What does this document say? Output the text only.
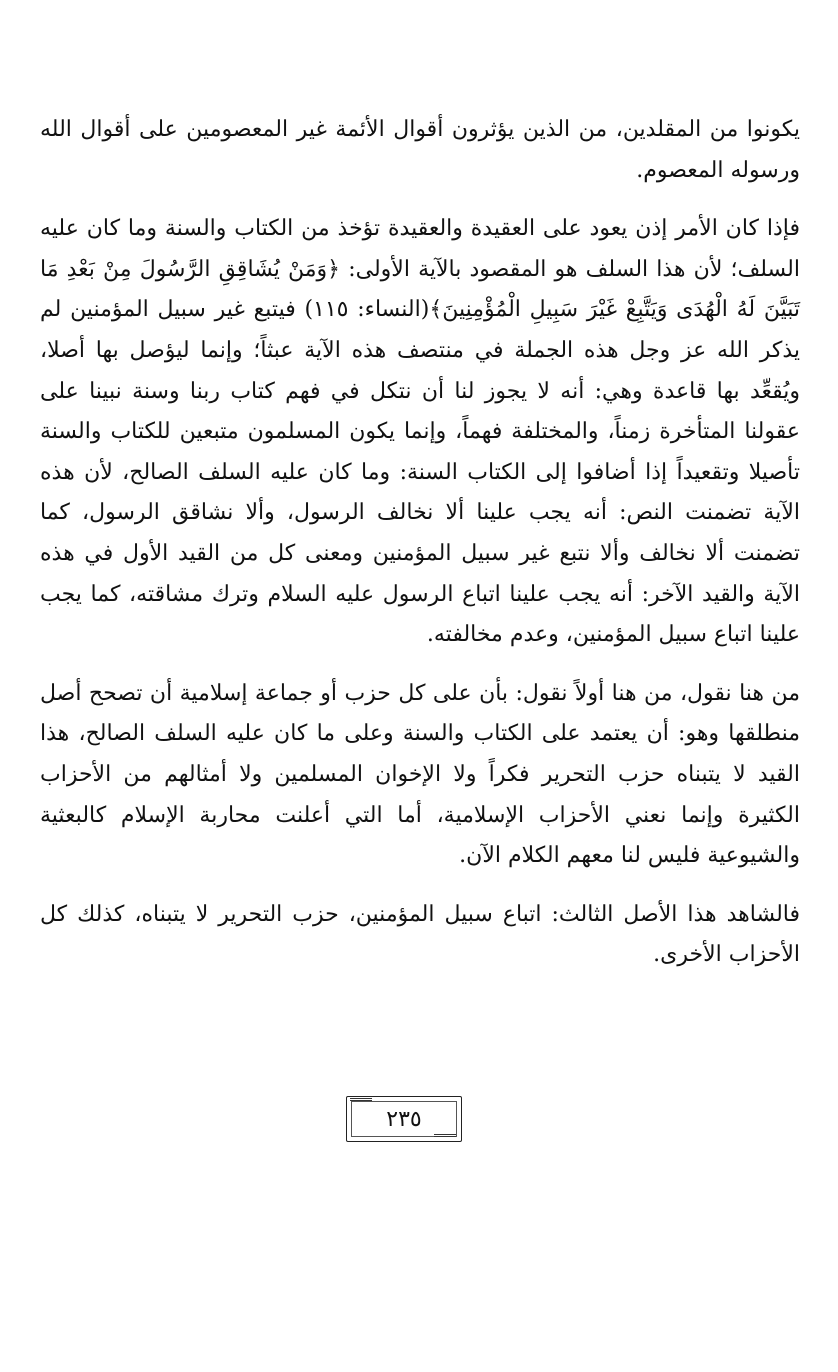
يكونوا من المقلدين، من الذين يؤثرون أقوال الأئمة غير المعصومين على أقوال الله ورسوله المعصوم.

فإذا كان الأمر إذن يعود على العقيدة والعقيدة تؤخذ من الكتاب والسنة وما كان عليه السلف؛ لأن هذا السلف هو المقصود بالآية الأولى: ﴿وَمَنْ يُشَاقِقِ الرَّسُولَ مِنْ بَعْدِ مَا تَبَيَّنَ لَهُ الْهُدَى وَيَتَّبِعْ غَيْرَ سَبِيلِ الْمُؤْمِنِينَ﴾(النساء: ١١٥) فيتبع غير سبيل المؤمنين لم يذكر الله عز وجل هذه الجملة في منتصف هذه الآية عبثاً؛ وإنما ليؤصل بها أصلا، ويُقعِّد بها قاعدة وهي: أنه لا يجوز لنا أن نتكل في فهم كتاب ربنا وسنة نبينا على عقولنا المتأخرة زمناً، والمختلفة فهماً، وإنما يكون المسلمون متبعين للكتاب والسنة تأصيلا وتقعيداً إذا أضافوا إلى الكتاب السنة: وما كان عليه السلف الصالح، لأن هذه الآية تضمنت النص: أنه يجب علينا ألا نخالف الرسول، وألا نشاقق الرسول، كما تضمنت ألا نخالف وألا نتبع غير سبيل المؤمنين ومعنى كل من القيد الأول في هذه الآية والقيد الآخر: أنه يجب علينا اتباع الرسول عليه السلام وترك مشاقته، كما يجب علينا اتباع سبيل المؤمنين، وعدم مخالفته.

من هنا نقول، من هنا أولاً نقول: بأن على كل حزب أو جماعة إسلامية أن تصحح أصل منطلقها وهو: أن يعتمد على الكتاب والسنة وعلى ما كان عليه السلف الصالح، هذا القيد لا يتبناه حزب التحرير فكراً ولا الإخوان المسلمين ولا أمثالهم من الأحزاب الكثيرة وإنما نعني الأحزاب الإسلامية، أما التي أعلنت محاربة الإسلام كالبعثية والشيوعية فليس لنا معهم الكلام الآن.

فالشاهد هذا الأصل الثالث: اتباع سبيل المؤمنين، حزب التحرير لا يتبناه، كذلك كل الأحزاب الأخرى.

٢٣٥
